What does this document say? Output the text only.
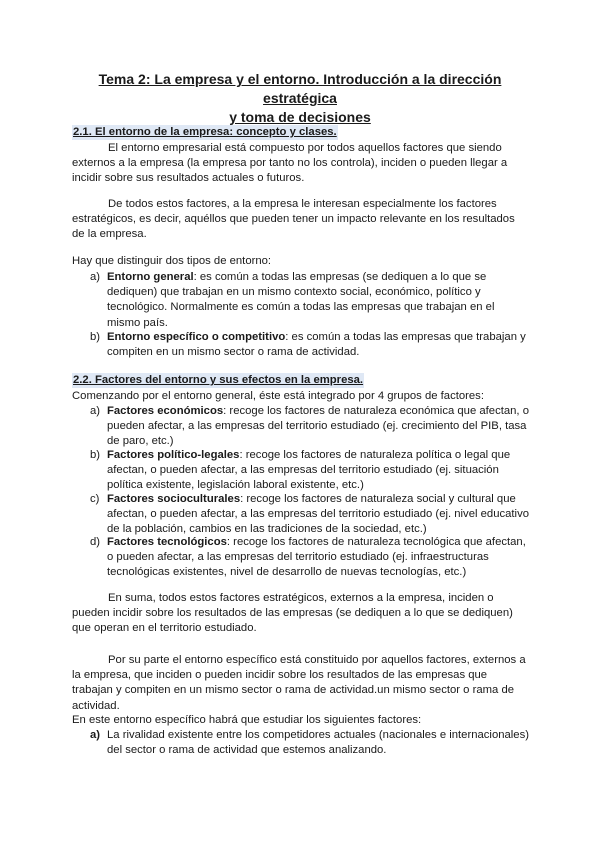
Tema 2: La empresa y el entorno. Introducción a la dirección estratégica
y toma de decisiones
2.1. El entorno de la empresa: concepto y clases.

El entorno empresarial está compuesto por todos aquellos factores que siendo externos a la empresa (la empresa por tanto no los controla), inciden o pueden llegar a incidir sobre sus resultados actuales o futuros.

De todos estos factores, a la empresa le interesan especialmente los factores estratégicos, es decir, aquéllos que pueden tener un impacto relevante en los resultados de la empresa.

Hay que distinguir dos tipos de entorno:

a) Entorno general: es común a todas las empresas (se dediquen a lo que se dediquen) que trabajan en un mismo contexto social, económico, político y tecnológico. Normalmente es común a todas las empresas que trabajan en el mismo país.
b) Entorno específico o competitivo: es común a todas las empresas que trabajan y compiten en un mismo sector o rama de actividad.
2.2. Factores del entorno y sus efectos en la empresa.

Comenzando por el entorno general, éste está integrado por 4 grupos de factores:

a) Factores económicos: recoge los factores de naturaleza económica que afectan, o pueden afectar, a las empresas del territorio estudiado (ej. crecimiento del PIB, tasa de paro, etc.)
b) Factores político-legales: recoge los factores de naturaleza política o legal que afectan, o pueden afectar, a las empresas del territorio estudiado (ej. situación política existente, legislación laboral existente, etc.)
c) Factores socioculturales: recoge los factores de naturaleza social y cultural que afectan, o pueden afectar, a las empresas del territorio estudiado (ej. nivel educativo de la población, cambios en las tradiciones de la sociedad, etc.)
d) Factores tecnológicos: recoge los factores de naturaleza tecnológica que afectan, o pueden afectar, a las empresas del territorio estudiado (ej. infraestructuras tecnológicas existentes, nivel de desarrollo de nuevas tecnologías, etc.)

En suma, todos estos factores estratégicos, externos a la empresa, inciden o pueden incidir sobre los resultados de las empresas (se dediquen a lo que se dediquen) que operan en el territorio estudiado.

Por su parte el entorno específico está constituido por aquellos factores, externos a la empresa, que inciden o pueden incidir sobre los resultados de las empresas que trabajan y compiten en un mismo sector o rama de actividad.un mismo sector o rama de actividad.

En este entorno específico habrá que estudiar los siguientes factores:

a) La rivalidad existente entre los competidores actuales (nacionales e internacionales) del sector o rama de actividad que estemos analizando.
